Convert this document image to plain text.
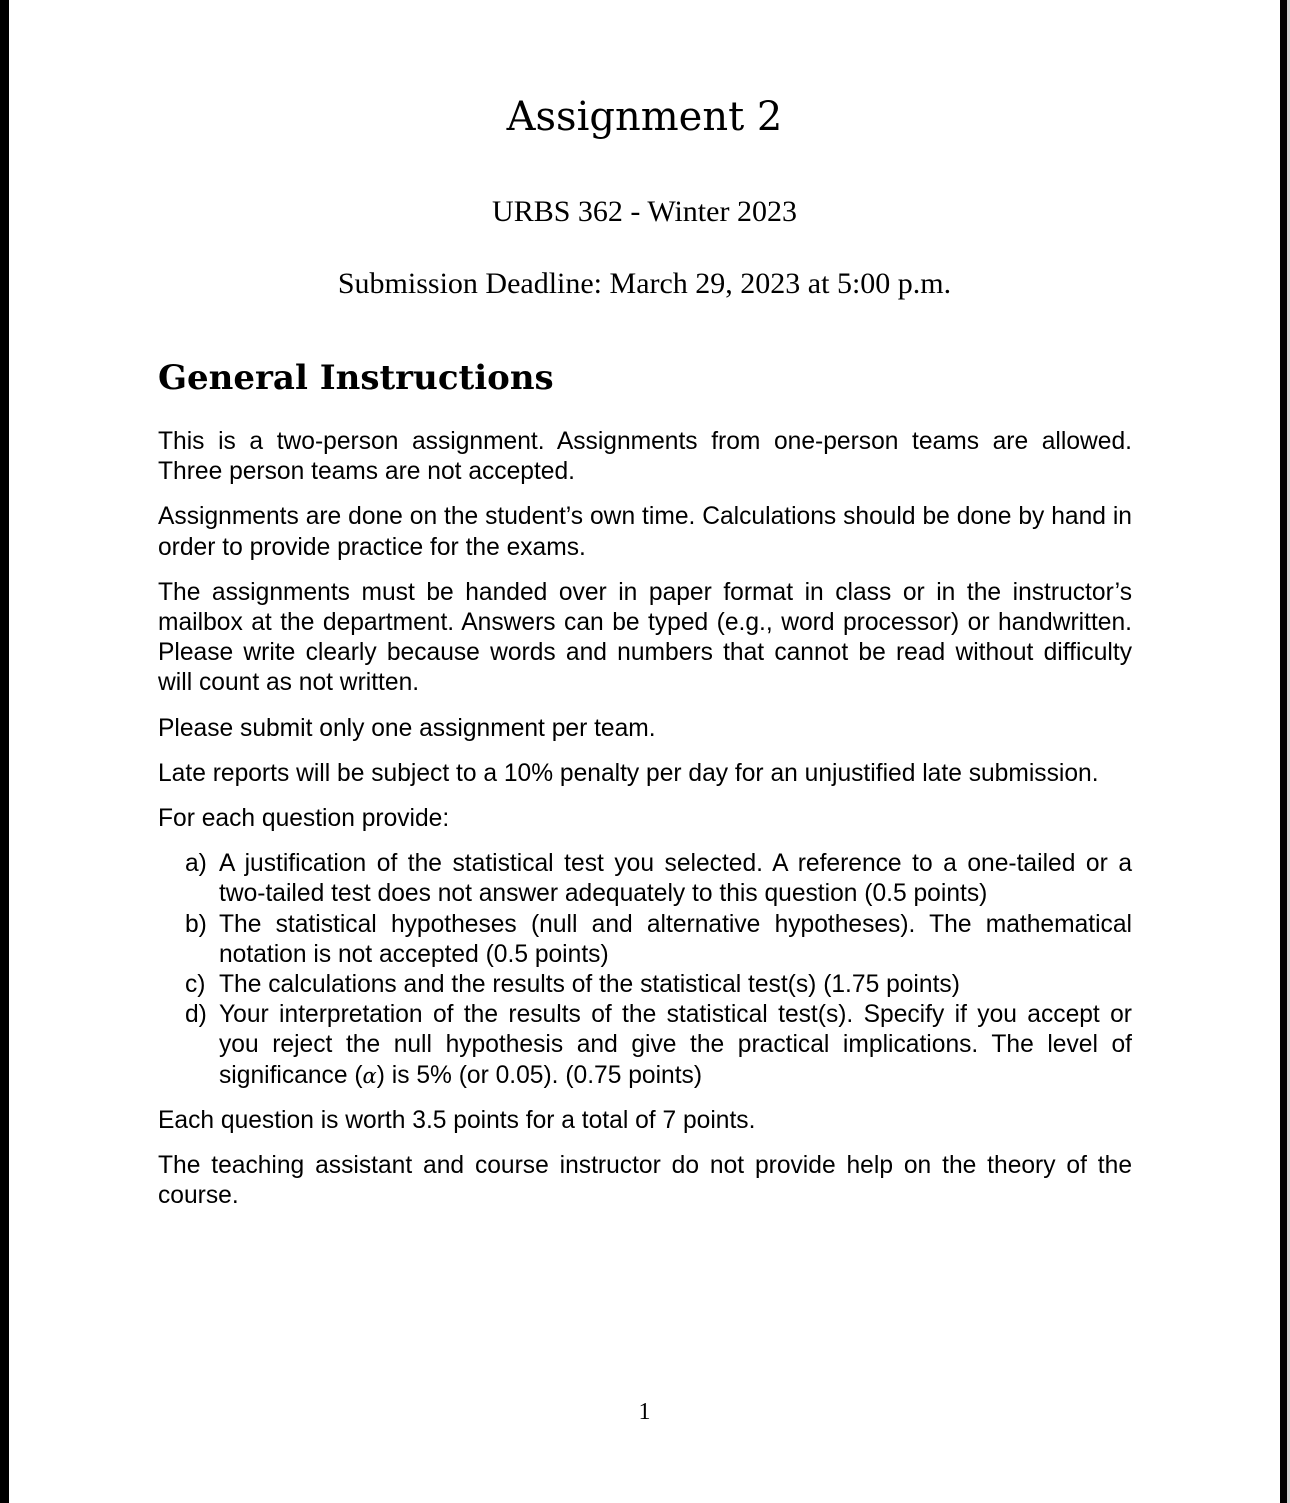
Assignment 2
URBS 362 - Winter 2023
Submission Deadline: March 29, 2023 at 5:00 p.m.
General Instructions

This is a two-person assignment. Assignments from one-person teams are allowed. Three person teams are not accepted.

Assignments are done on the student’s own time. Calculations should be done by hand in order to provide practice for the exams.

The assignments must be handed over in paper format in class or in the instructor’s mailbox at the department. Answers can be typed (e.g., word processor) or handwritten. Please write clearly because words and numbers that cannot be read without difficulty will count as not written.

Please submit only one assignment per team.

Late reports will be subject to a 10% penalty per day for an unjustified late submission.

For each question provide:

a) A justification of the statistical test you selected. A reference to a one-tailed or a two-tailed test does not answer adequately to this question (0.5 points)
b) The statistical hypotheses (null and alternative hypotheses). The mathematical notation is not accepted (0.5 points)
c) The calculations and the results of the statistical test(s) (1.75 points)
d) Your interpretation of the results of the statistical test(s). Specify if you accept or you reject the null hypothesis and give the practical implications. The level of significance (α) is 5% (or 0.05). (0.75 points)

Each question is worth 3.5 points for a total of 7 points.

The teaching assistant and course instructor do not provide help on the theory of the course.

1
